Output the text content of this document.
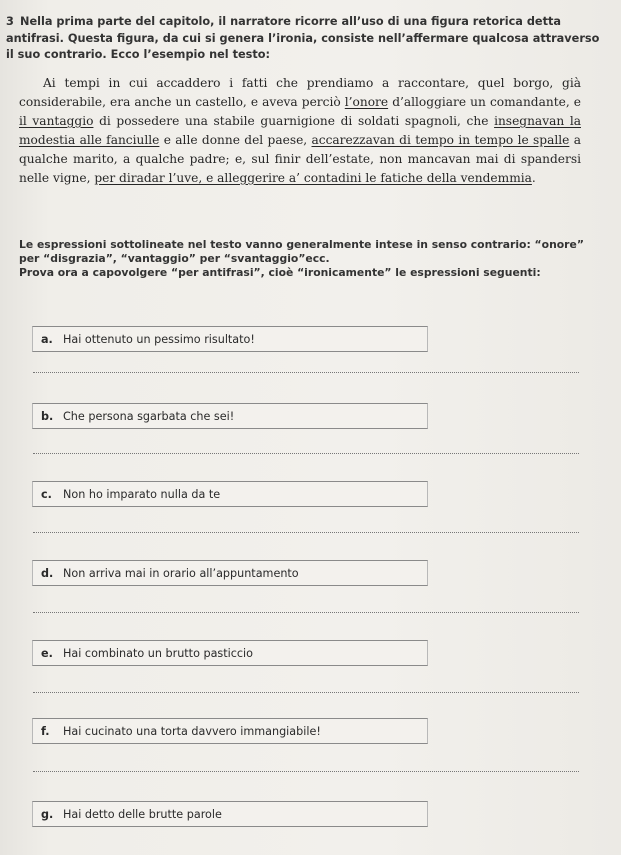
3 Nella prima parte del capitolo, il narratore ricorre all’uso di una figura retorica detta antifrasi. Questa figura, da cui si genera l’ironia, consiste nell’affermare qualcosa attraverso il suo contrario. Ecco l’esempio nel testo:

Ai tempi in cui accaddero i fatti che prendiamo a raccontare, quel borgo, già considerabile, era anche un castello, e aveva perciò l’onore d’alloggiare un comandante, e il vantaggio di possedere una stabile guarnigione di soldati spagnoli, che insegnavan la modestia alle fanciulle e alle donne del paese, accarezzavan di tempo in tempo le spalle a qualche marito, a qualche padre; e, sul finir dell’estate, non mancavan mai di spandersi nelle vigne, per diradar l’uve, e alleggerire a’ contadini le fatiche della vendemmia.

Le espressioni sottolineate nel testo vanno generalmente intese in senso contrario: “onore” per “disgrazia”, “vantaggio” per “svantaggio”ecc.
Prova ora a capovolgere “per antifrasi”, cioè “ironicamente” le espressioni seguenti:
a. Hai ottenuto un pessimo risultato!
b. Che persona sgarbata che sei!
c. Non ho imparato nulla da te
d. Non arriva mai in orario all’appuntamento
e. Hai combinato un brutto pasticcio
f. Hai cucinato una torta davvero immangiabile!
g. Hai detto delle brutte parole
